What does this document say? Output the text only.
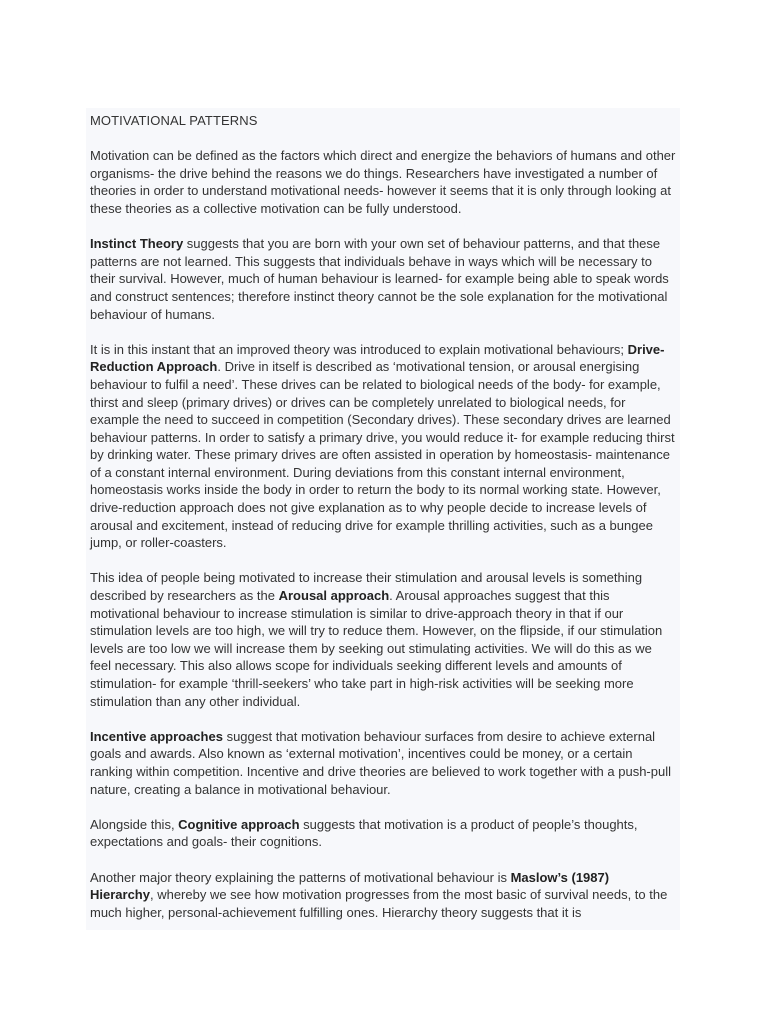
MOTIVATIONAL PATTERNS

Motivation can be defined as the factors which direct and energize the behaviors of humans and other organisms- the drive behind the reasons we do things. Researchers have investigated a number of theories in order to understand motivational needs- however it seems that it is only through looking at these theories as a collective motivation can be fully understood.

Instinct Theory suggests that you are born with your own set of behaviour patterns, and that these patterns are not learned. This suggests that individuals behave in ways which will be necessary to their survival. However, much of human behaviour is learned- for example being able to speak words and construct sentences; therefore instinct theory cannot be the sole explanation for the motivational behaviour of humans.

It is in this instant that an improved theory was introduced to explain motivational behaviours; Drive-Reduction Approach. Drive in itself is described as ‘motivational tension, or arousal energising behaviour to fulfil a need’. These drives can be related to biological needs of the body- for example, thirst and sleep (primary drives) or drives can be completely unrelated to biological needs, for example the need to succeed in competition (Secondary drives). These secondary drives are learned behaviour patterns. In order to satisfy a primary drive, you would reduce it- for example reducing thirst by drinking water. These primary drives are often assisted in operation by homeostasis- maintenance of a constant internal environment. During deviations from this constant internal environment, homeostasis works inside the body in order to return the body to its normal working state. However, drive-reduction approach does not give explanation as to why people decide to increase levels of arousal and excitement, instead of reducing drive for example thrilling activities, such as a bungee jump, or roller-coasters.

This idea of people being motivated to increase their stimulation and arousal levels is something described by researchers as the Arousal approach. Arousal approaches suggest that this motivational behaviour to increase stimulation is similar to drive-approach theory in that if our stimulation levels are too high, we will try to reduce them. However, on the flipside, if our stimulation levels are too low we will increase them by seeking out stimulating activities. We will do this as we feel necessary. This also allows scope for individuals seeking different levels and amounts of stimulation- for example ‘thrill-seekers’ who take part in high-risk activities will be seeking more stimulation than any other individual.

Incentive approaches suggest that motivation behaviour surfaces from desire to achieve external goals and awards. Also known as ‘external motivation’, incentives could be money, or a certain ranking within competition. Incentive and drive theories are believed to work together with a push-pull nature, creating a balance in motivational behaviour.

Alongside this, Cognitive approach suggests that motivation is a product of people’s thoughts, expectations and goals- their cognitions.

Another major theory explaining the patterns of motivational behaviour is Maslow’s (1987) Hierarchy, whereby we see how motivation progresses from the most basic of survival needs, to the much higher, personal-achievement fulfilling ones. Hierarchy theory suggests that it is
